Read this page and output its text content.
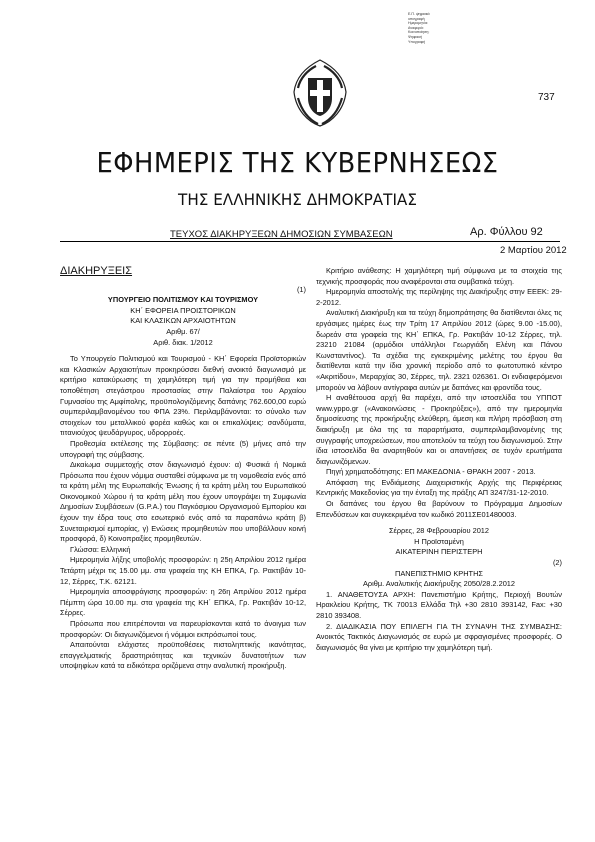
Ε.Π. ψηφιακά
υπογραφή
Ημερομηνία:
Αναφορά:
Κοινοποίηση:
Ψηφιακή
Υπογραφή
737
ΕΦΗΜΕΡΙΣ ΤΗΣ ΚΥΒΕΡΝΗΣΕΩΣ
ΤΗΣ ΕΛΛΗΝΙΚΗΣ ΔΗΜΟΚΡΑΤΙΑΣ
ΤΕΥΧΟΣ ΔΙΑΚΗΡΥΞΕΩΝ ΔΗΜΟΣΙΩΝ ΣΥΜΒΑΣΕΩΝ	Αρ. Φύλλου 92
2 Μαρτίου 2012

ΔΙΑΚΗΡΥΞΕΙΣ

(1)

ΥΠΟΥΡΓΕΙΟ ΠΟΛΙΤΙΣΜΟΥ ΚΑΙ ΤΟΥΡΙΣΜΟΥ

ΚΗ΄ ΕΦΟΡΕΙΑ ΠΡΟΙΣΤΟΡΙΚΩΝ

ΚΑΙ ΚΛΑΣΙΚΩΝ ΑΡΧΑΙΟΤΗΤΩΝ

Αριθμ. 67/

Αριθ. διακ. 1/2012

Το Υπουργείο Πολιτισμού και Τουρισμού - ΚΗ΄ Εφορεία Προϊστορικών και Κλασικών Αρχαιοτήτων προκηρύσσει διεθνή ανοικτό διαγωνισμό με κριτήριο κατακύρωσης τη χαμηλότερη τιμή για την προμήθεια και τοποθέτηση στεγάστρου προστασίας στην Παλαίστρα του Αρχαίου Γυμνασίου της Αμφίπολης, προϋπολογιζόμενης δαπάνης 762.600,00 ευρώ συμπεριλαμβανομένου του ΦΠΑ 23%. Περιλαμβάνονται: το σύνολο των στοιχείων του μεταλλικού φορέα καθώς και οι επικαλύψεις: σανδύματα, τιτανιούχος ψευδάργυρος, υδρορροές.

Προθεσμία εκτέλεσης της Σύμβασης: σε πέντε (5) μήνες από την υπογραφή της σύμβασης.

Δικαίωμα συμμετοχής στον διαγωνισμό έχουν: α) Φυσικά ή Νομικά Πρόσωπα που έχουν νόμιμα συσταθεί σύμφωνα με τη νομοθεσία ενός από τα κράτη μέλη της Ευρωπαϊκής Ένωσης ή τα κράτη μέλη του Ευρωπαϊκού Οικονομικού Χώρου ή τα κράτη μέλη που έχουν υπογράψει τη Συμφωνία Δημοσίων Συμβάσεων (G.P.A.) του Παγκόσμιου Οργανισμού Εμπορίου και έχουν την έδρα τους στο εσωτερικό ενός από τα παραπάνω κράτη β) Συνεταιρισμοί εμπορίας, γ) Ενώσεις προμηθευτών που υποβάλλουν κοινή προσφορά, δ) Κοινοπραξίες προμηθευτών.

Γλώσσα: Ελληνική

Ημερομηνία λήξης υποβολής προσφορών: η 25η Απριλίου 2012 ημέρα Τετάρτη μέχρι τις 15.00 μμ. στα γραφεία της ΚΗ ΕΠΚΑ, Γρ. Ρακτιβάν 10-12, Σέρρες, Τ.Κ. 62121.

Ημερομηνία αποσφράγισης προσφορών: η 26η Απριλίου 2012 ημέρα Πέμπτη ώρα 10.00 πμ. στα γραφεία της ΚΗ΄ ΕΠΚΑ, Γρ. Ρακτιβάν 10-12, Σέρρες.

Πρόσωπα που επιτρέπονται να παρευρίσκονται κατά το άνοιγμα των προσφορών: Οι διαγωνιζόμενοι ή νόμιμοι εκπρόσωποί τους.

Απαιτούνται ελάχιστες προϋποθέσεις πιστοληπτικής ικανότητας, επαγγελματικής δραστηριότητας και τεχνικών δυνατοτήτων των υποψηφίων κατά τα ειδικότερα οριζόμενα στην αναλυτική προκήρυξη.

Κριτήριο ανάθεσης: Η χαμηλότερη τιμή σύμφωνα με τα στοιχεία της τεχνικής προσφοράς που αναφέρονται στα συμβατικά τεύχη.

Ημερομηνία αποστολής της περίληψης της Διακήρυξης στην ΕΕΕΚ: 29-2-2012.

Αναλυτική Διακήρυξη και τα τεύχη δημοπράτησης θα διατίθενται όλες τις εργάσιμες ημέρες έως την Τρίτη 17 Απριλίου 2012 (ώρες 9.00 -15.00), δωρεάν στα γραφεία της ΚΗ΄ ΕΠΚΑ, Γρ. Ρακτιβάν 10-12 Σέρρες, τηλ. 23210 21084 (αρμόδιοι υπάλληλοι Γεωργιάδη Ελένη και Πάνου Κωνσταντίνος). Τα σχέδια της εγκεκριμένης μελέτης του έργου θα διατίθενται κατά την ίδια χρονική περίοδο από το φωτοτυπικό κέντρο «Ακριτίδου», Μεραρχίας 30, Σέρρες, τηλ. 2321 026361. Οι ενδιαφερόμενοι μπορούν να λάβουν αντίγραφα αυτών με δαπάνες και φροντίδα τους.

Η αναθέτουσα αρχή θα παρέχει, από την ιστοσελίδα του ΥΠΠΟΤ www.yppo.gr («Ανακοινώσεις - Προκηρύξεις»), από την ημερομηνία δημοσίευσης της προκήρυξης ελεύθερη, άμεση και πλήρη πρόσβαση στη διακήρυξη με όλα της τα παραρτήματα, συμπεριλαμβανομένης της συγγραφής υποχρεώσεων, που αποτελούν τα τεύχη του διαγωνισμού. Στην ίδια ιστοσελίδα θα αναρτηθούν και οι απαντήσεις σε τυχόν ερωτήματα διαγωνιζόμενων.

Πηγή χρηματοδότησης: ΕΠ ΜΑΚΕΔΟΝΙΑ - ΘΡΑΚΗ 2007 - 2013.

Απόφαση της Ενδιάμεσης Διαχειριστικής Αρχής της Περιφέρειας Κεντρικής Μακεδονίας για την ένταξη της πράξης ΑΠ 3247/31-12-2010.

Οι δαπάνες του έργου θα βαρύνουν το Πρόγραμμα Δημοσίων Επενδύσεων και συγκεκριμένα τον κωδικό 2011ΣΕ01480003.

Σέρρες, 28 Φεβρουαρίου 2012

Η Προϊσταμένη

ΑΙΚΑΤΕΡΙΝΗ ΠΕΡΙΣΤΕΡΗ

(2)

ΠΑΝΕΠΙΣΤΗΜΙΟ ΚΡΗΤΗΣ

Αριθμ. Αναλυτικής Διακήρυξης 2050/28.2.2012

1. ΑΝΑΘΕΤΟΥΣΑ ΑΡΧΗ: Πανεπιστήμιο Κρήτης, Περιοχή Βουτών Ηρακλείου Κρήτης, ΤΚ 70013 Ελλάδα Τηλ +30 2810 393142, Fax: +30 2810 393408.

2. ΔΙΑΔΙΚΑΣΙΑ ΠΟΥ ΕΠΙΛΕΓΗ ΓΙΑ ΤΗ ΣΥΝΑΨΗ ΤΗΣ ΣΥΜΒΑΣΗΣ: Ανοικτός Τακτικός Διαγωνισμός σε ευρώ με σφραγισμένες προσφορές. Ο διαγωνισμός θα γίνει με κριτήριο την χαμηλότερη τιμή.
